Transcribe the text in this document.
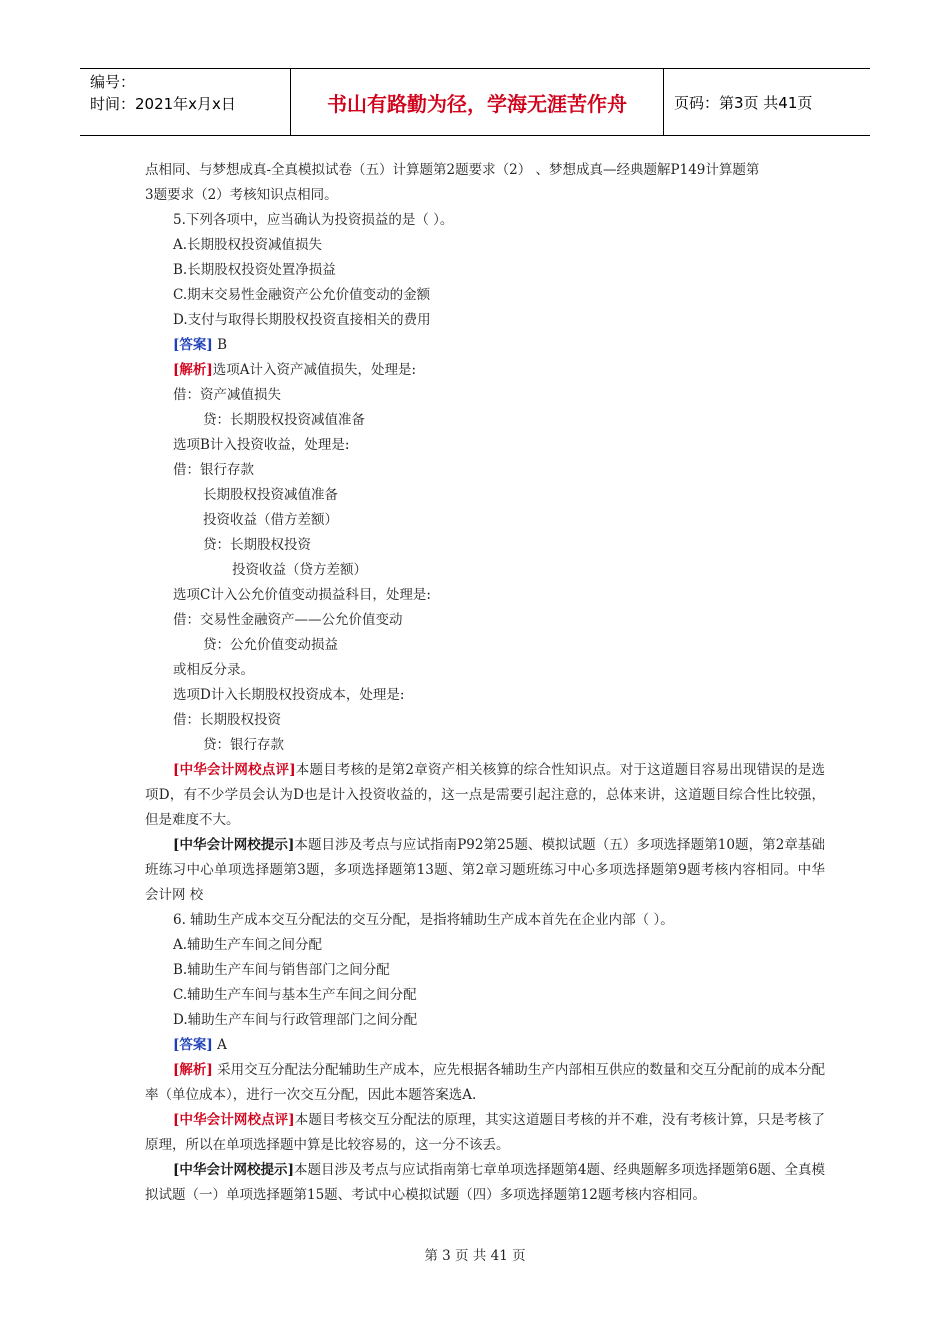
编号：
时间：2021年x月x日	书山有路勤为径，学海无涯苦作舟	页码：第3页 共41页
点相同、与梦想成真-全真模拟试卷（五）计算题第2题要求（2） 、梦想成真—经典题解P149计算题第
3题要求（2）考核知识点相同。
5.下列各项中，应当确认为投资损益的是（ ）。
A.长期股权投资减值损失
B.长期股权投资处置净损益
C.期末交易性金融资产公允价值变动的金额
D.支付与取得长期股权投资直接相关的费用
[答案] B
[解析]选项A计入资产减值损失，处理是:
借：资产减值损失
贷：长期股权投资减值准备
选项B计入投资收益，处理是:
借：银行存款
长期股权投资减值准备
投资收益（借方差额）
贷：长期股权投资
投资收益（贷方差额）
选项C计入公允价值变动损益科目，处理是:
借：交易性金融资产——公允价值变动
贷：公允价值变动损益
或相反分录。
选项D计入长期股权投资成本，处理是:
借：长期股权投资
贷：银行存款
[中华会计网校点评]本题目考核的是第2章资产相关核算的综合性知识点。对于这道题目容易出现错误的是选项D，有不少学员会认为D也是计入投资收益的，这一点是需要引起注意的，总体来讲，这道题目综合性比较强，但是难度不大。
[中华会计网校提示]本题目涉及考点与应试指南P92第25题、模拟试题（五）多项选择题第10题，第2章基础班练习中心单项选择题第3题，多项选择题第13题、第2章习题班练习中心多项选择题第9题考核内容相同。中华 会计网 校
6. 辅助生产成本交互分配法的交互分配，是指将辅助生产成本首先在企业内部（ ）。
A.辅助生产车间之间分配
B.辅助生产车间与销售部门之间分配
C.辅助生产车间与基本生产车间之间分配
D.辅助生产车间与行政管理部门之间分配
[答案] A
[解析] 采用交互分配法分配辅助生产成本，应先根据各辅助生产内部相互供应的数量和交互分配前的成本分配率（单位成本），进行一次交互分配，因此本题答案选A.
[中华会计网校点评]本题目考核交互分配法的原理，其实这道题目考核的并不难，没有考核计算，只是考核了原理，所以在单项选择题中算是比较容易的，这一分不该丢。
[中华会计网校提示]本题目涉及考点与应试指南第七章单项选择题第4题、经典题解多项选择题第6题、全真模拟试题（一）单项选择题第15题、考试中心模拟试题（四）多项选择题第12题考核内容相同。
第 3 页 共 41 页
